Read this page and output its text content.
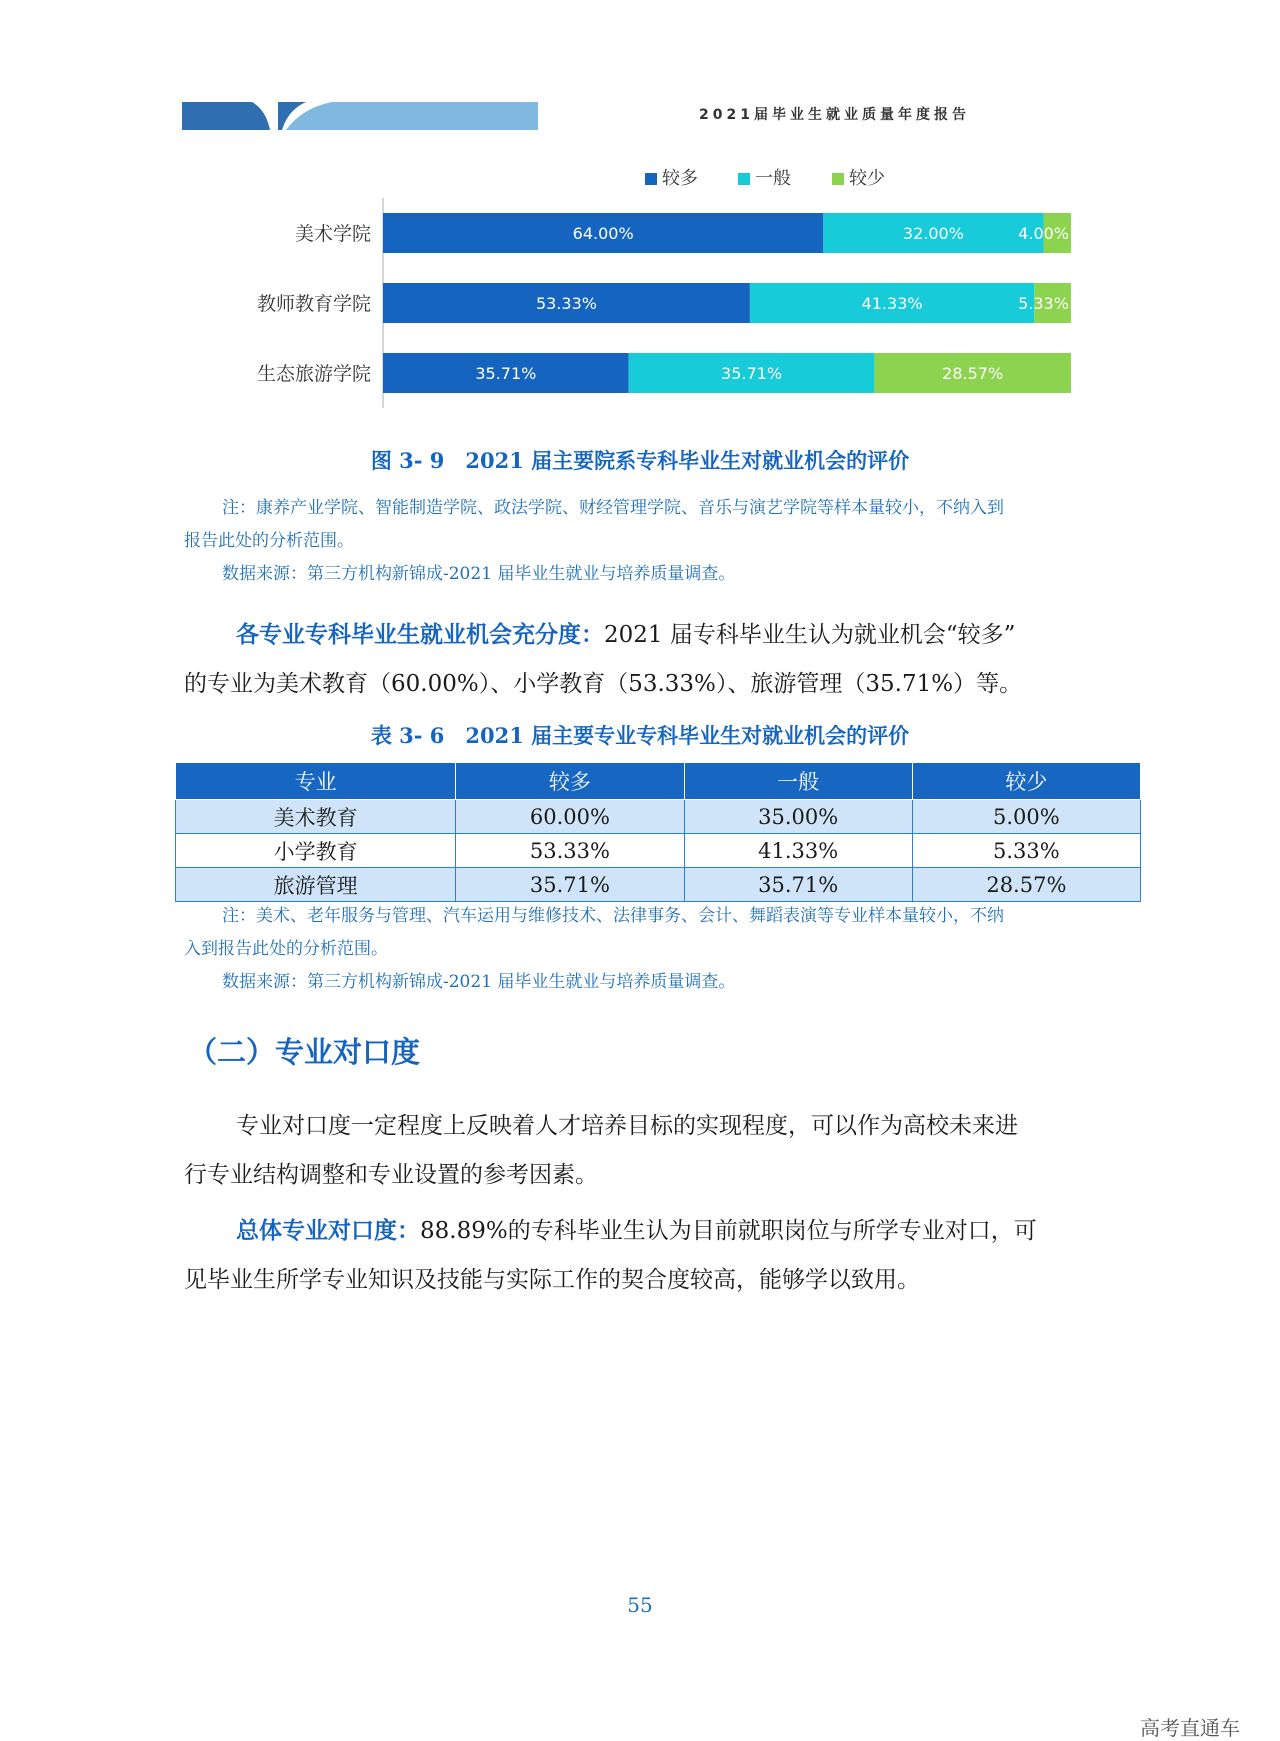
2021届毕业生就业质量年度报告
较多	一般	较少
美术学院	64.00%	32.00%	4.00%
教师教育学院	53.33%	41.33%	5.33%
生态旅游学院	35.71%	35.71%	28.57%
图 3- 9　2021 届主要院系专科毕业生对就业机会的评价
注：康养产业学院、智能制造学院、政法学院、财经管理学院、音乐与演艺学院等样本量较小，不纳入到
报告此处的分析范围。
数据来源：第三方机构新锦成-2021 届毕业生就业与培养质量调查。
各专业专科毕业生就业机会充分度：2021 届专科毕业生认为就业机会“较多”
的专业为美术教育（60.00%）、小学教育（53.33%）、旅游管理（35.71%）等。
表 3- 6　2021 届主要专业专科毕业生对就业机会的评价
专业	较多	一般	较少
美术教育	60.00%	35.00%	5.00%
小学教育	53.33%	41.33%	5.33%
旅游管理	35.71%	35.71%	28.57%
注：美术、老年服务与管理、汽车运用与维修技术、法律事务、会计、舞蹈表演等专业样本量较小，不纳
入到报告此处的分析范围。
数据来源：第三方机构新锦成-2021 届毕业生就业与培养质量调查。
（二）专业对口度
专业对口度一定程度上反映着人才培养目标的实现程度，可以作为高校未来进
行专业结构调整和专业设置的参考因素。
总体专业对口度：88.89%的专科毕业生认为目前就职岗位与所学专业对口，可
见毕业生所学专业知识及技能与实际工作的契合度较高，能够学以致用。
55
高考直通车
